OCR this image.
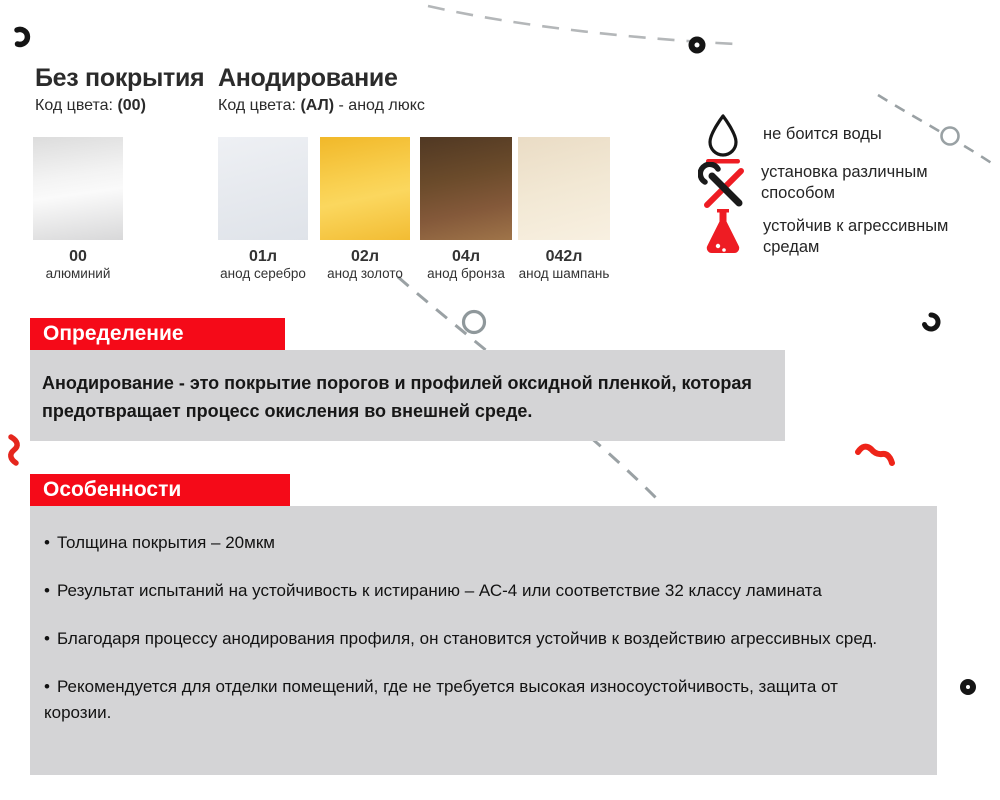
Без покрытия
Код цвета: (00)
Анодирование
Код цвета: (АЛ) - анод люкс
00
алюминий
01л
анод серебро
02л
анод золото
04л
анод бронза
042л
анод шампань
не боится воды
установка различным способом
устойчив к агрессивным средам
Определение

Анодирование - это покрытие порогов и профилей оксидной пленкой, которая предотвращает процесс окисления во внешней среде.

Особенности

• Толщина покрытия – 20мкм

• Результат испытаний на устойчивость к истиранию – АС-4 или соответствие 32 классу ламината

• Благодаря процессу анодирования профиля, он становится устойчив к воздействию агрессивных сред.

• Рекомендуется для отделки помещений, где не требуется высокая износоустойчивость, защита от корозии.
